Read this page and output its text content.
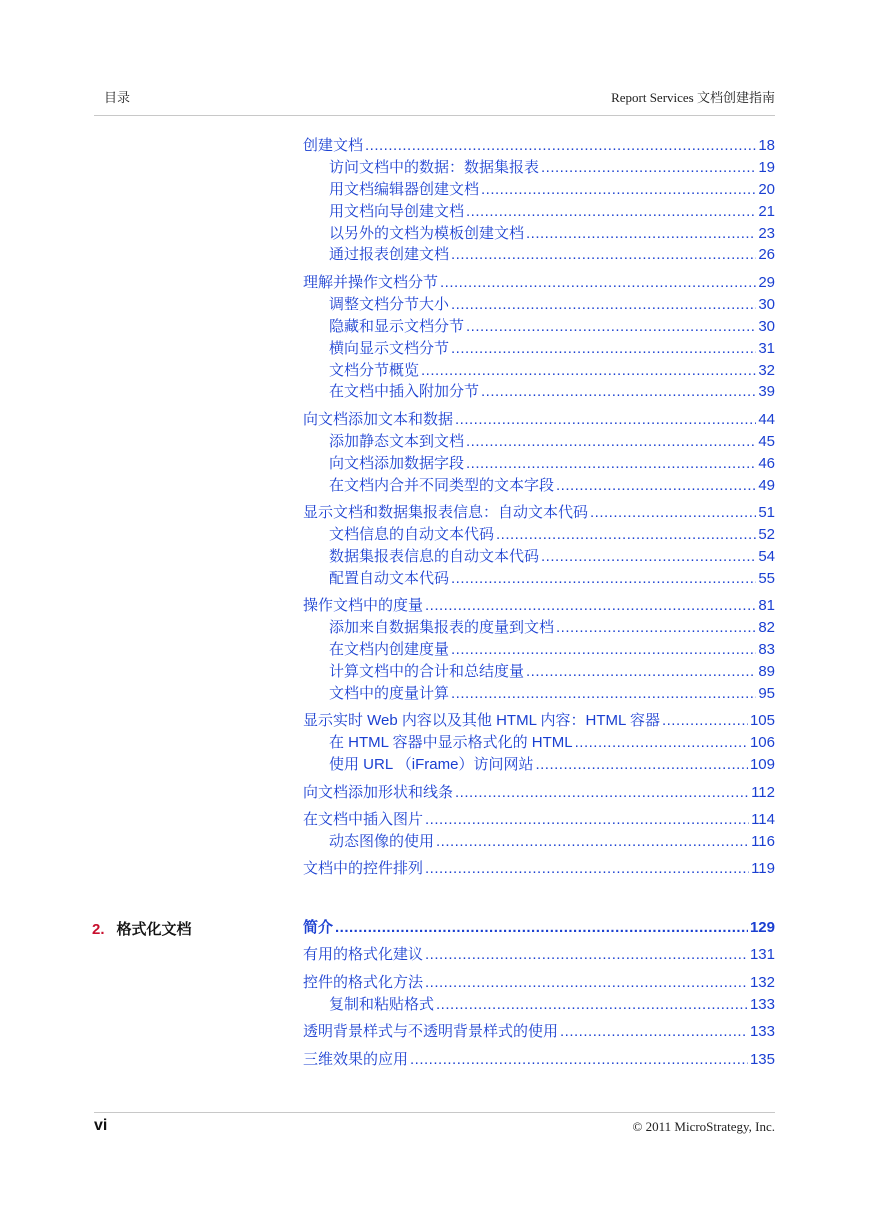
目录	Report Services 文档创建指南
创建文档 .....	18
访问文档中的数据：数据集报表 .....	19
用文档编辑器创建文档 .....	20
用文档向导创建文档 .....	21
以另外的文档为模板创建文档 .....	23
通过报表创建文档 .....	26
理解并操作文档分节 .....	29
调整文档分节大小 .....	30
隐藏和显示文档分节 .....	30
横向显示文档分节 .....	31
文档分节概览 .....	32
在文档中插入附加分节 .....	39
向文档添加文本和数据 .....	44
添加静态文本到文档 .....	45
向文档添加数据字段 .....	46
在文档内合并不同类型的文本字段 .....	49
显示文档和数据集报表信息：自动文本代码 .....	51
文档信息的自动文本代码 .....	52
数据集报表信息的自动文本代码 .....	54
配置自动文本代码 .....	55
操作文档中的度量 .....	81
添加来自数据集报表的度量到文档 .....	82
在文档内创建度量 .....	83
计算文档中的合计和总结度量 .....	89
文档中的度量计算 .....	95
显示实时 Web 内容以及其他 HTML 内容：HTML 容器 .....	105
在 HTML 容器中显示格式化的 HTML .....	106
使用 URL （iFrame）访问网站 .....	109
向文档添加形状和线条 .....	112
在文档中插入图片 .....	114
动态图像的使用 .....	116
文档中的控件排列 .....	119
2. 格式化文档	简介 .....	129
有用的格式化建议 .....	131
控件的格式化方法 .....	132
复制和粘贴格式 .....	133
透明背景样式与不透明背景样式的使用 .....	133
三维效果的应用 .....	135
vi	© 2011 MicroStrategy, Inc.
